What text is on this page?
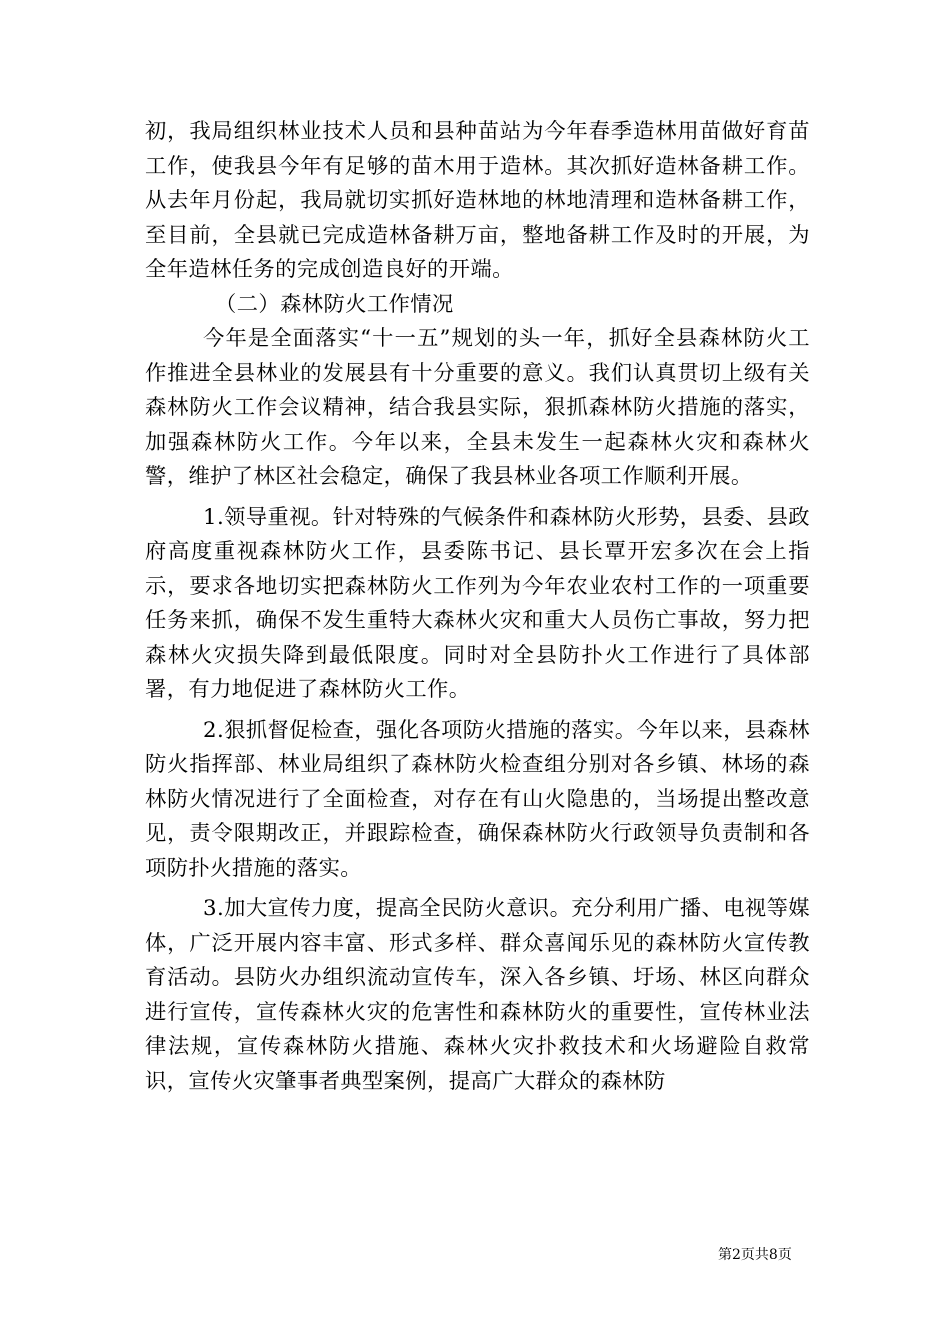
初，我局组织林业技术人员和县种苗站为今年春季造林用苗做好育苗工作，使我县今年有足够的苗木用于造林。其次抓好造林备耕工作。从去年月份起，我局就切实抓好造林地的林地清理和造林备耕工作，至目前，全县就已完成造林备耕万亩，整地备耕工作及时的开展，为全年造林任务的完成创造良好的开端。

（二）森林防火工作情况

今年是全面落实“十一五”规划的头一年，抓好全县森林防火工作推进全县林业的发展县有十分重要的意义。我们认真贯切上级有关森林防火工作会议精神，结合我县实际，狠抓森林防火措施的落实，加强森林防火工作。今年以来，全县未发生一起森林火灾和森林火警，维护了林区社会稳定，确保了我县林业各项工作顺利开展。

1.领导重视。针对特殊的气候条件和森林防火形势，县委、县政府高度重视森林防火工作，县委陈书记、县长覃开宏多次在会上指示，要求各地切实把森林防火工作列为今年农业农村工作的一项重要任务来抓，确保不发生重特大森林火灾和重大人员伤亡事故，努力把森林火灾损失降到最低限度。同时对全县防扑火工作进行了具体部署，有力地促进了森林防火工作。

2.狠抓督促检查，强化各项防火措施的落实。今年以来，县森林防火指挥部、林业局组织了森林防火检查组分别对各乡镇、林场的森林防火情况进行了全面检查，对存在有山火隐患的，当场提出整改意见，责令限期改正，并跟踪检查，确保森林防火行政领导负责制和各项防扑火措施的落实。

3.加大宣传力度，提高全民防火意识。充分利用广播、电视等媒体，广泛开展内容丰富、形式多样、群众喜闻乐见的森林防火宣传教育活动。县防火办组织流动宣传车，深入各乡镇、圩场、林区向群众进行宣传，宣传森林火灾的危害性和森林防火的重要性，宣传林业法律法规，宣传森林防火措施、森林火灾扑救技术和火场避险自救常识，宣传火灾肇事者典型案例，提高广大群众的森林防

第2页共8页
